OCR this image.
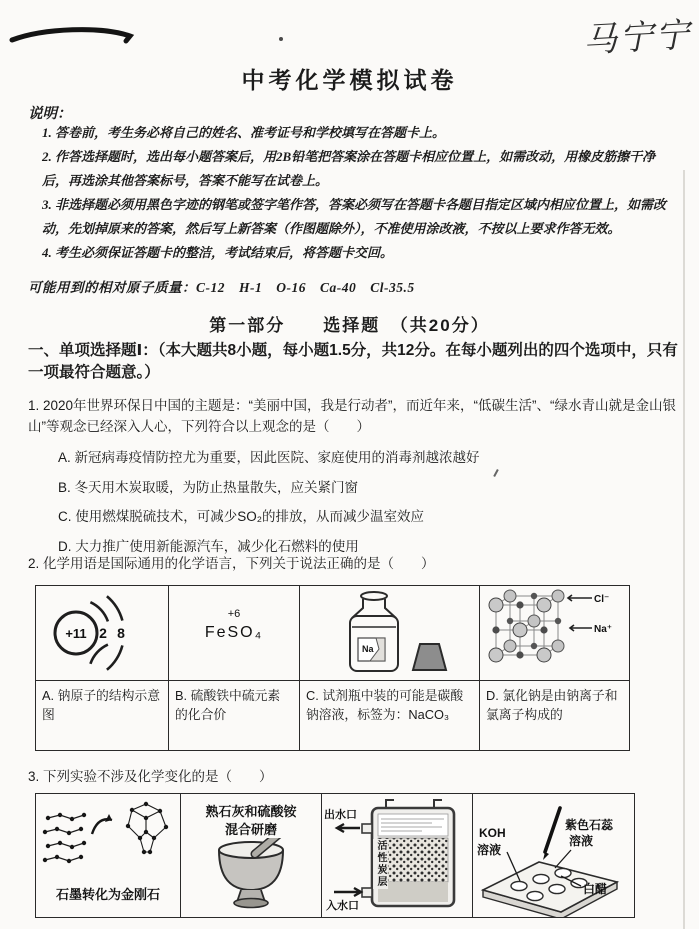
马宁宁
中考化学模拟试卷
说明：

1. 答卷前，考生务必将自己的姓名、准考证号和学校填写在答题卡上。

2. 作答选择题时，选出每小题答案后，用2B铅笔把答案涂在答题卡相应位置上，如需改动，用橡皮筋擦干净后，再选涂其他答案标号，答案不能写在试卷上。

3. 非选择题必须用黑色字迹的钢笔或签字笔作答，答案必须写在答题卡各题目指定区域内相应位置上，如需改动，先划掉原来的答案，然后写上新答案（作图题除外），不准使用涂改液，不按以上要求作答无效。

4. 考生必须保证答题卡的整洁，考试结束后，将答题卡交回。

可能用到的相对原子质量：C-12　H-1　O-16　Ca-40　Cl-35.5
第一部分　　选择题　（共20分）
一、单项选择题Ⅰ：（本大题共8小题，每小题1.5分，共12分。在每小题列出的四个选项中，只有一项最符合题意。）
1. 2020年世界环保日中国的主题是：“美丽中国，我是行动者”，而近年来，“低碳生活”、“绿水青山就是金山银山”等观念已经深入人心，下列符合以上观念的是（　　）
A. 新冠病毒疫情防控尤为重要，因此医院、家庭使用的消毒剂越浓越好
B. 冬天用木炭取暖，为防止热量散失，应关紧门窗
C. 使用燃煤脱硫技术，可减少SO₂的排放，从而减少温室效应
D. 大力推广使用新能源汽车，减少化石燃料的使用
2. 化学用语是国际通用的化学语言，下列关于说法正确的是（　　）
+11 2 8
+6
FeSO₄
Na
Cl⁻
Na⁺
A. 钠原子的结构示意图
B. 硫酸铁中硫元素的化合价
C. 试剂瓶中装的可能是碳酸钠溶液，标签为：NaCO₃
D. 氯化钠是由钠离子和氯离子构成的
3. 下列实验不涉及化学变化的是（　　）
石墨转化为金刚石
熟石灰和硫酸铵
混合研磨
出水口
活性炭层
入水口
KOH
溶液
紫色石蕊
溶液
白醋
